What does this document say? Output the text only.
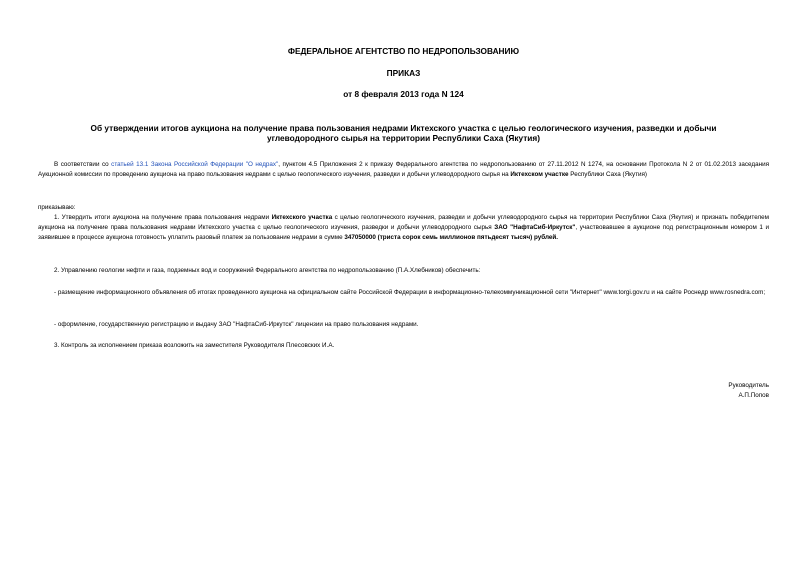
ФЕДЕРАЛЬНОЕ АГЕНТСТВО ПО НЕДРОПОЛЬЗОВАНИЮ

ПРИКАЗ

от 8 февраля 2013 года N 124

Об утверждении итогов аукциона на получение права пользования недрами Иктехского участка с целью геологического изучения, разведки и добычи углеводородного сырья на территории Республики Саха (Якутия)

В соответствии со статьей 13.1 Закона Российской Федерации "О недрах", пунктом 4.5 Приложения 2 к приказу Федерального агентства по недропользованию от 27.11.2012 N 1274, на основании Протокола N 2 от 01.02.2013 заседания Аукционной комиссии по проведению аукциона на право пользования недрами с целью геологического изучения, разведки и добычи углеводородного сырья на Иктехском участке Республики Саха (Якутия)

приказываю:

1. Утвердить итоги аукциона на получение права пользования недрами Иктехского участка с целью геологического изучения, разведки и добычи углеводородного сырья на территории Республики Саха (Якутия) и признать победителем аукциона на получение права пользования недрами Иктехского участка с целью геологического изучения, разведки и добычи углеводородного сырья ЗАО "НафтаСиб-Иркутск", участвовавшее в аукционе под регистрационным номером 1 и заявившее в процессе аукциона готовность уплатить разовый платеж за пользование недрами в сумме 347050000 (триста сорок семь миллионов пятьдесят тысяч) рублей.

2. Управлению геологии нефти и газа, подземных вод и сооружений Федерального агентства по недропользованию (П.А.Хлебников) обеспечить:

- размещение информационного объявления об итогах проведенного аукциона на официальном сайте Российской Федерации в информационно-телекоммуникационной сети "Интернет" www.torgi.gov.ru и на сайте Роснедр www.rosnedra.com;

- оформление, государственную регистрацию и выдачу ЗАО "НафтаСиб-Иркутск" лицензии на право пользования недрами.

3. Контроль за исполнением приказа возложить на заместителя Руководителя Плесовских И.А.

Руководитель
А.П.Попов
